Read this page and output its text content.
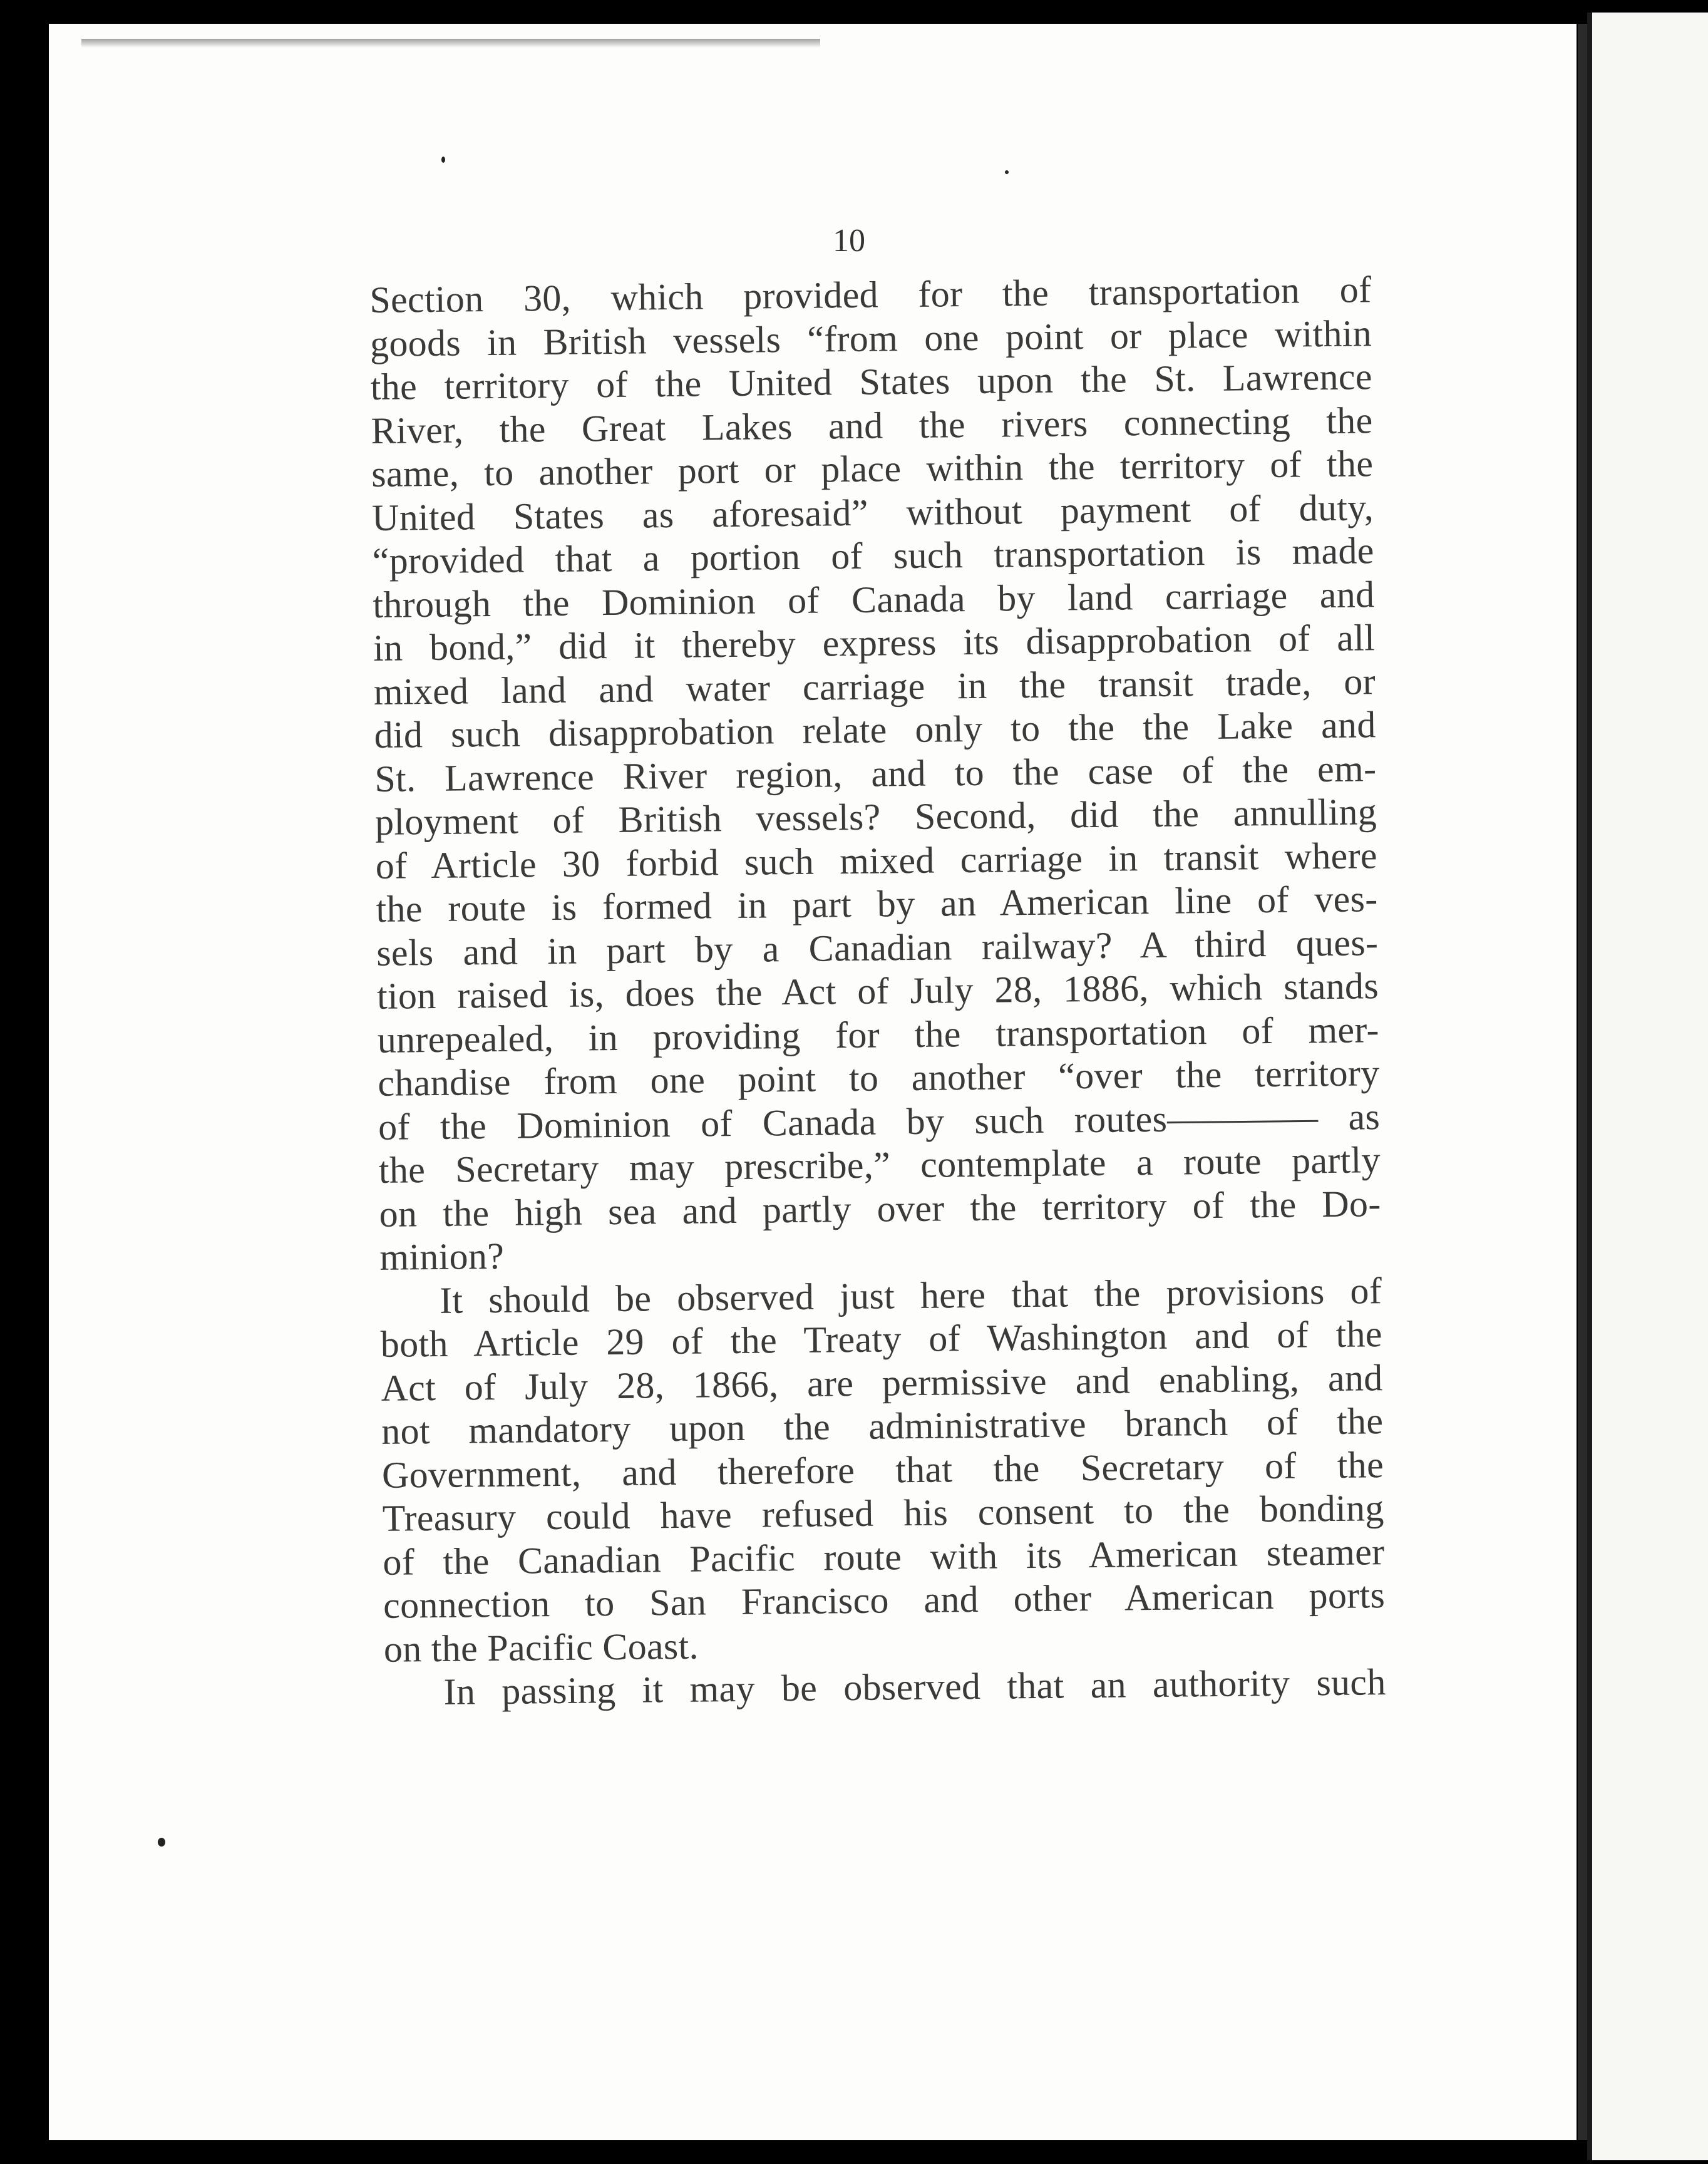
10
Section 30, which provided for the transportation of
goods in British vessels “from one point or place within
the territory of the United States upon the St. Lawrence
River, the Great Lakes and the rivers connecting the
same, to another port or place within the territory of the
United States as aforesaid” without payment of duty,
“provided that a portion of such transportation is made
through the Dominion of Canada by land carriage and
in bond,” did it thereby express its disapprobation of all
mixed land and water carriage in the transit trade, or
did such disapprobation relate only to the the Lake and
St. Lawrence River region, and to the case of the em-
ployment of British vessels? Second, did the annulling
of Article 30 forbid such mixed carriage in transit where
the route is formed in part by an American line of ves-
sels and in part by a Canadian railway? A third ques-
tion raised is, does the Act of July 28, 1886, which stands
unrepealed, in providing for the transportation of mer-
chandise from one point to another “over the territory
of the Dominion of Canada by such routes———— as
the Secretary may prescribe,” contemplate a route partly
on the high sea and partly over the territory of the Do-
minion?
It should be observed just here that the provisions of
both Article 29 of the Treaty of Washington and of the
Act of July 28, 1866, are permissive and enabling, and
not mandatory upon the administrative branch of the
Government, and therefore that the Secretary of the
Treasury could have refused his consent to the bonding
of the Canadian Pacific route with its American steamer
connection to San Francisco and other American ports
on the Pacific Coast.
In passing it may be observed that an authority such
